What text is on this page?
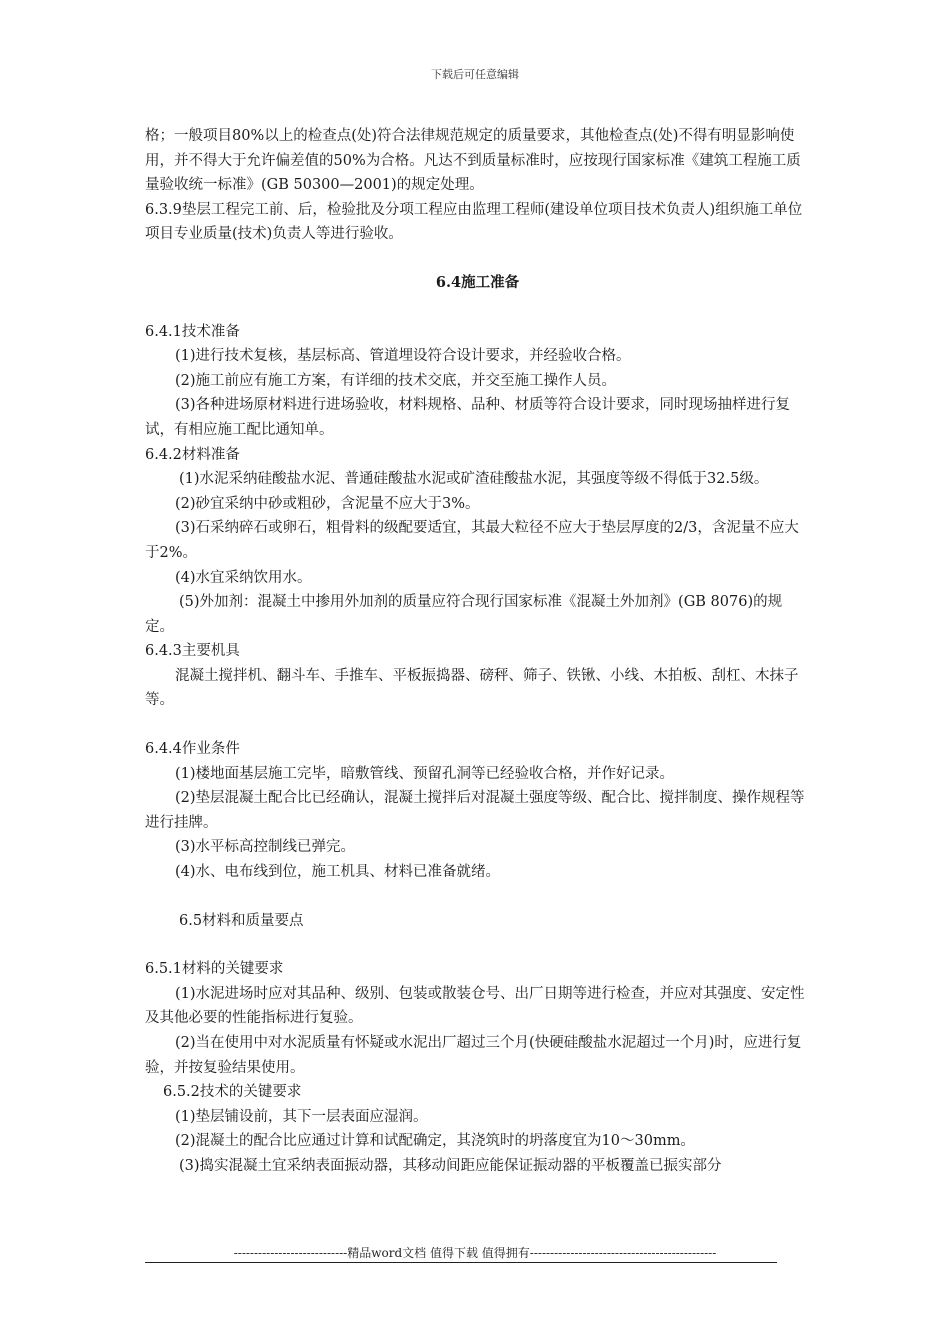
下载后可任意编辑

格；一般项目80%以上的检查点(处)符合法律规范规定的质量要求，其他检查点(处)不得有明显影响使用，并不得大于允许偏差值的50%为合格。凡达不到质量标准时，应按现行国家标准《建筑工程施工质量验收统一标准》(GB 50300—2001)的规定处理。

6.3.9垫层工程完工前、后，检验批及分项工程应由监理工程师(建设单位项目技术负责人)组织施工单位项目专业质量(技术)负责人等进行验收。

6.4施工准备

6.4.1技术准备

(1)进行技术复核，基层标高、管道埋设符合设计要求，并经验收合格。

(2)施工前应有施工方案，有详细的技术交底，并交至施工操作人员。

(3)各种进场原材料进行进场验收，材料规格、品种、材质等符合设计要求，同时现场抽样进行复试，有相应施工配比通知单。

6.4.2材料准备

(1)水泥采纳硅酸盐水泥、普通硅酸盐水泥或矿渣硅酸盐水泥，其强度等级不得低于32.5级。

(2)砂宜采纳中砂或粗砂，含泥量不应大于3%。

(3)石采纳碎石或卵石，粗骨料的级配要适宜，其最大粒径不应大于垫层厚度的2/3，含泥量不应大于2%。

(4)水宜采纳饮用水。

(5)外加剂：混凝土中掺用外加剂的质量应符合现行国家标准《混凝土外加剂》(GB 8076)的规定。

6.4.3主要机具

混凝土搅拌机、翻斗车、手推车、平板振捣器、磅秤、筛子、铁锹、小线、木拍板、刮杠、木抹子等。

6.4.4作业条件

(1)楼地面基层施工完毕，暗敷管线、预留孔洞等已经验收合格，并作好记录。

(2)垫层混凝土配合比已经确认，混凝土搅拌后对混凝土强度等级、配合比、搅拌制度、操作规程等进行挂牌。

(3)水平标高控制线已弹完。

(4)水、电布线到位，施工机具、材料已准备就绪。

6.5材料和质量要点

6.5.1材料的关键要求

(1)水泥进场时应对其品种、级别、包装或散装仓号、出厂日期等进行检查，并应对其强度、安定性及其他必要的性能指标进行复验。

(2)当在使用中对水泥质量有怀疑或水泥出厂超过三个月(快硬硅酸盐水泥超过一个月)时，应进行复验，并按复验结果使用。

6.5.2技术的关键要求

(1)垫层铺设前，其下一层表面应湿润。

(2)混凝土的配合比应通过计算和试配确定，其浇筑时的坍落度宜为10～30mm。

(3)捣实混凝土宜采纳表面振动器，其移动间距应能保证振动器的平板覆盖已振实部分

----------------------------精品word文档 值得下载 值得拥有----------------------------------------------
